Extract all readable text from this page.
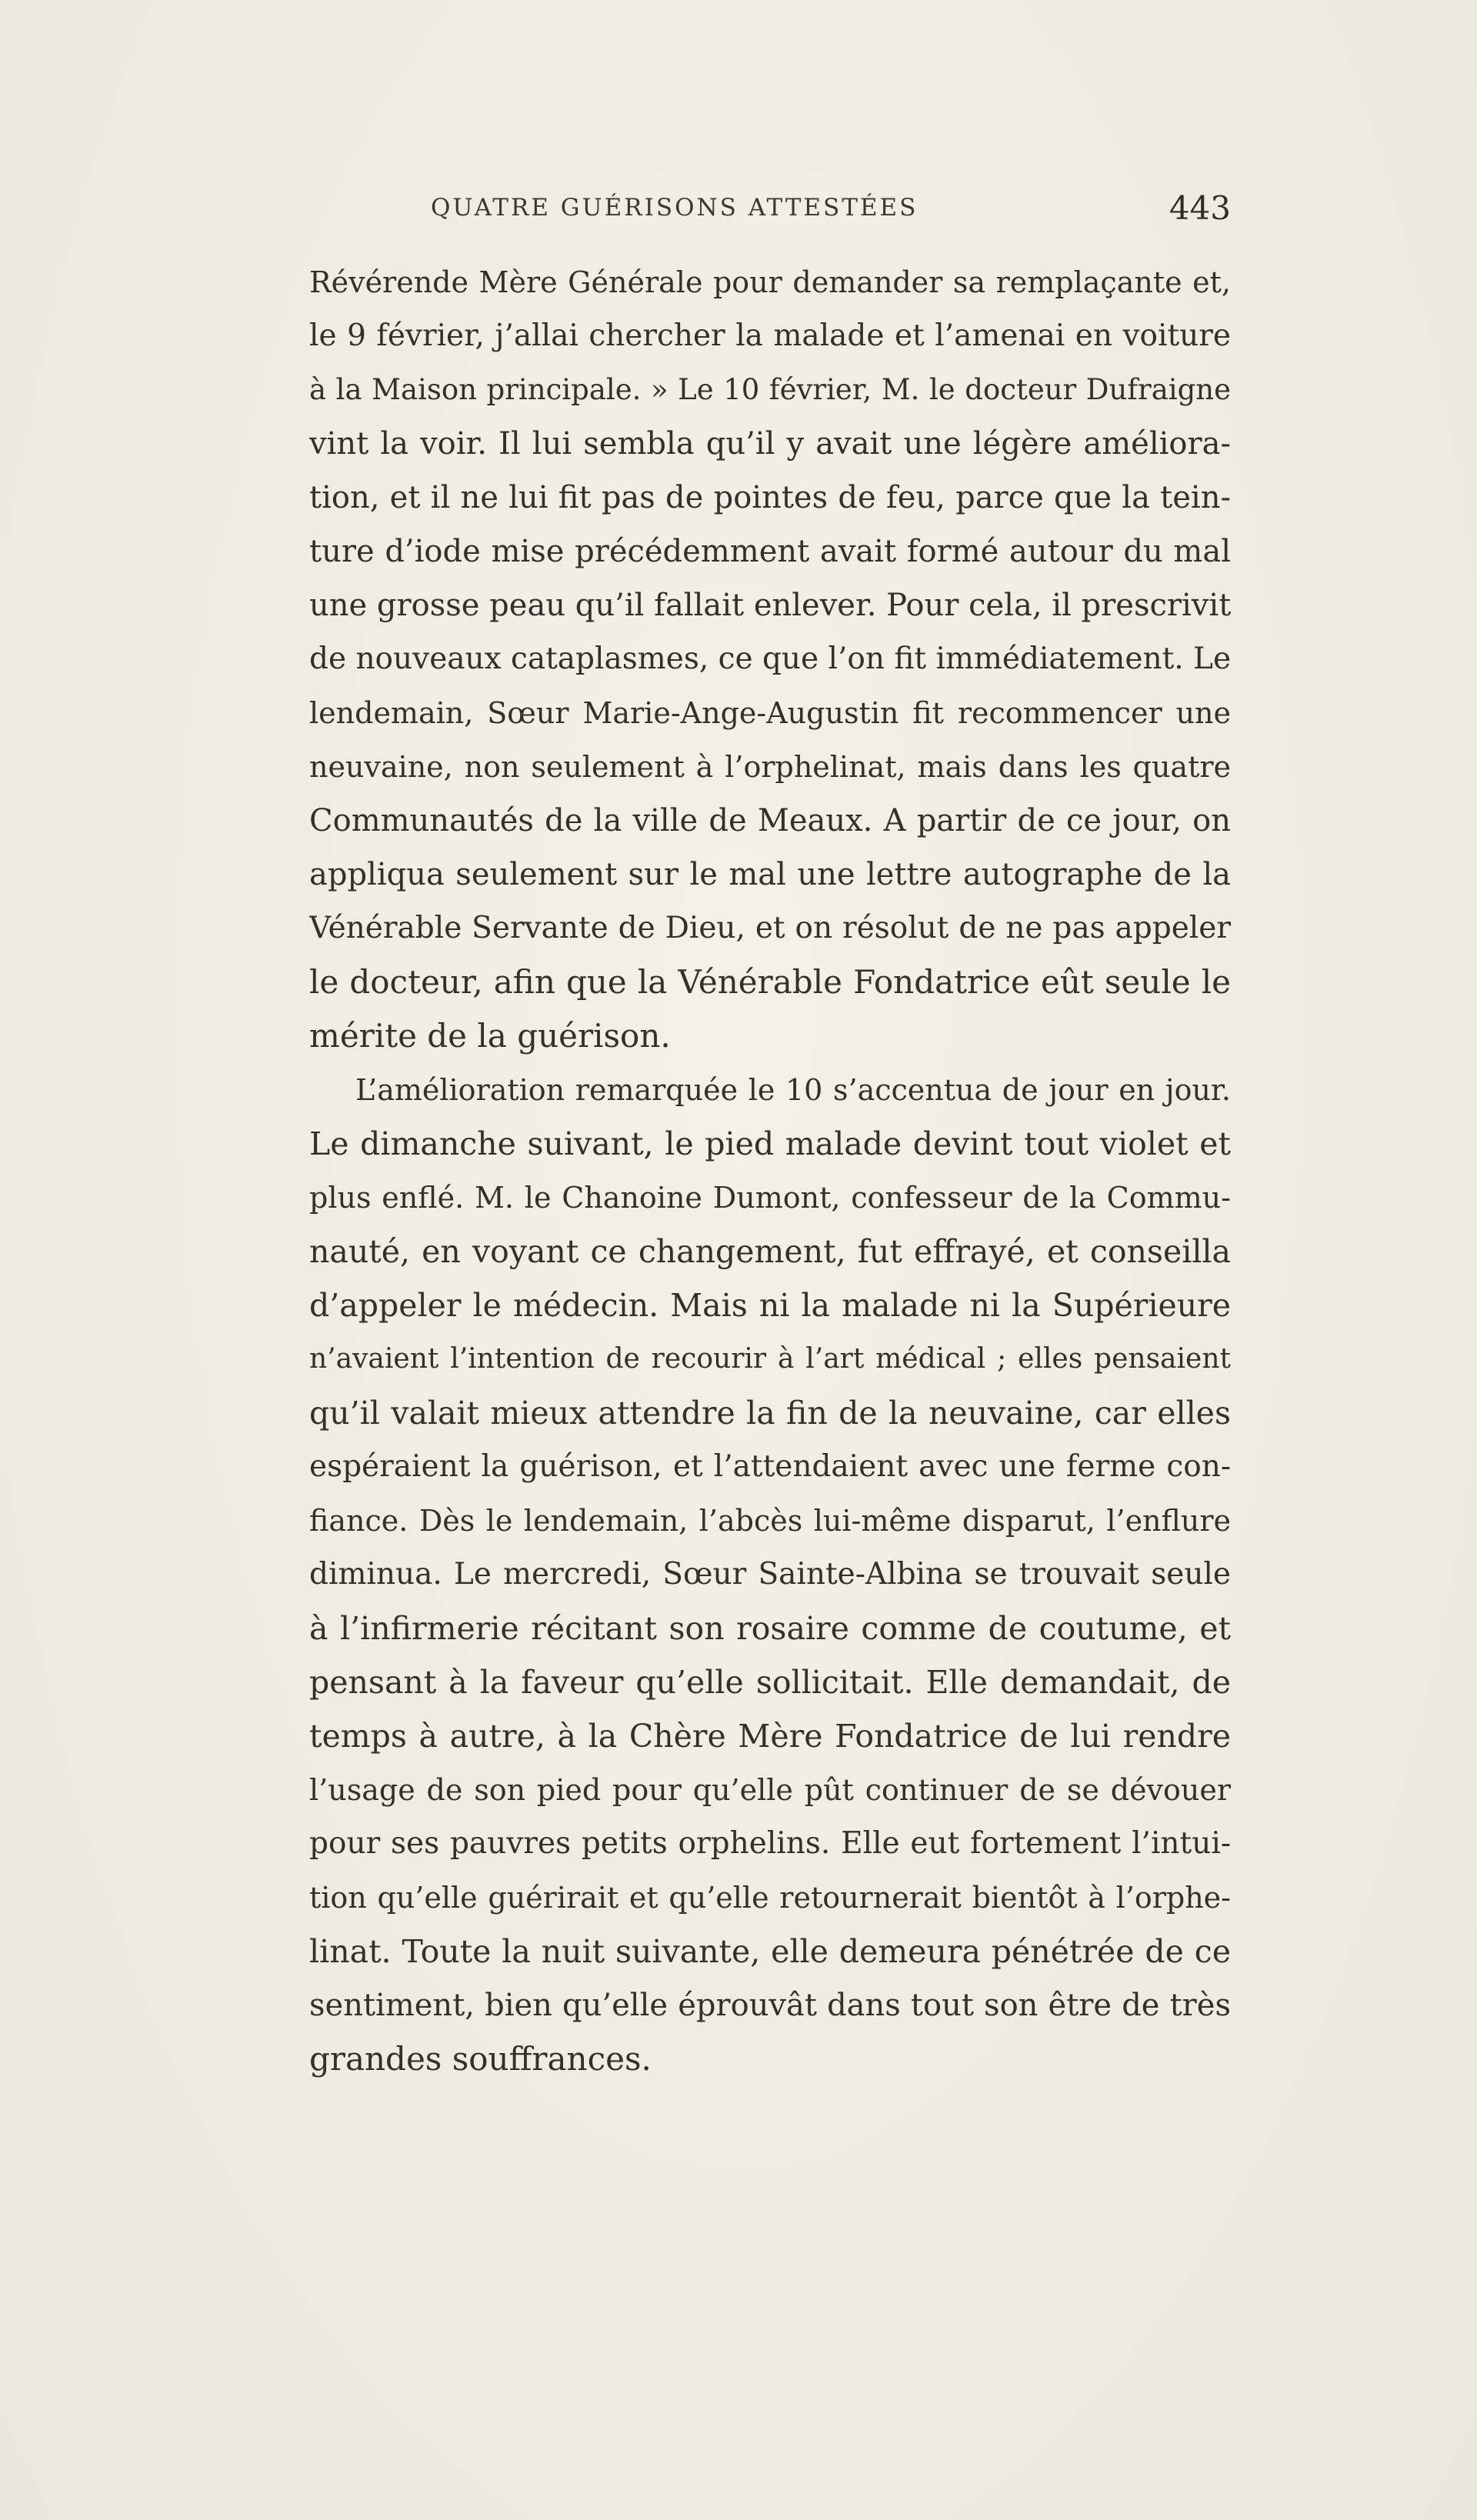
QUATRE GUÉRISONS ATTESTÉES	443
Révérende Mère Générale pour demander sa remplaçante et,
le 9 février, j’allai chercher la malade et l’amenai en voiture
à la Maison principale. » Le 10 février, M. le docteur Dufraigne
vint la voir. Il lui sembla qu’il y avait une légère améliora-
tion, et il ne lui fit pas de pointes de feu, parce que la tein-
ture d’iode mise précédemment avait formé autour du mal
une grosse peau qu’il fallait enlever. Pour cela, il prescrivit
de nouveaux cataplasmes, ce que l’on fit immédiatement. Le
lendemain, Sœur Marie-Ange-Augustin fit recommencer une
neuvaine, non seulement à l’orphelinat, mais dans les quatre
Communautés de la ville de Meaux. A partir de ce jour, on
appliqua seulement sur le mal une lettre autographe de la
Vénérable Servante de Dieu, et on résolut de ne pas appeler
le docteur, afin que la Vénérable Fondatrice eût seule le
mérite de la guérison.
L’amélioration remarquée le 10 s’accentua de jour en jour.
Le dimanche suivant, le pied malade devint tout violet et
plus enflé. M. le Chanoine Dumont, confesseur de la Commu-
nauté, en voyant ce changement, fut effrayé, et conseilla
d’appeler le médecin. Mais ni la malade ni la Supérieure
n’avaient l’intention de recourir à l’art médical ; elles pensaient
qu’il valait mieux attendre la fin de la neuvaine, car elles
espéraient la guérison, et l’attendaient avec une ferme con-
fiance. Dès le lendemain, l’abcès lui-même disparut, l’enflure
diminua. Le mercredi, Sœur Sainte-Albina se trouvait seule
à l’infirmerie récitant son rosaire comme de coutume, et
pensant à la faveur qu’elle sollicitait. Elle demandait, de
temps à autre, à la Chère Mère Fondatrice de lui rendre
l’usage de son pied pour qu’elle pût continuer de se dévouer
pour ses pauvres petits orphelins. Elle eut fortement l’intui-
tion qu’elle guérirait et qu’elle retournerait bientôt à l’orphe-
linat. Toute la nuit suivante, elle demeura pénétrée de ce
sentiment, bien qu’elle éprouvât dans tout son être de très
grandes souffrances.
